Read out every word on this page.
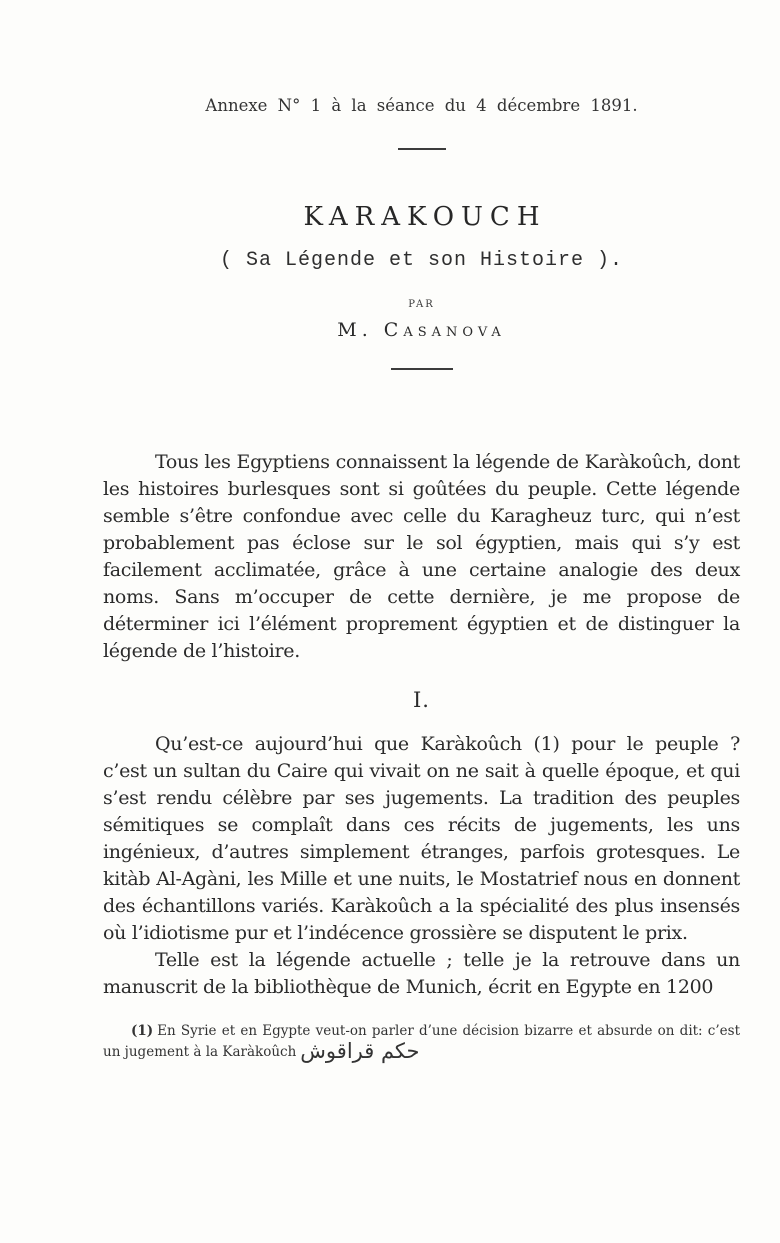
Annexe N° 1 à la séance du 4 décembre 1891.
KARAKOUCH
( Sa Légende et son Histoire ).
PAR
M. Casanova

Tous les Egyptiens connaissent la légende de Karàkoûch, dont les histoires burlesques sont si goûtées du peuple. Cette légende semble s’être confondue avec celle du Karagheuz turc, qui n’est probablement pas éclose sur le sol égyptien, mais qui s’y est facilement acclimatée, grâce à une certaine analogie des deux noms. Sans m’occuper de cette dernière, je me propose de déterminer ici l’élément proprement égyptien et de distinguer la légende de l’histoire.

I.

Qu’est-ce aujourd’hui que Karàkoûch (1) pour le peuple ? c’est un sultan du Caire qui vivait on ne sait à quelle époque, et qui s’est rendu célèbre par ses jugements. La tradition des peuples sémitiques se complaît dans ces récits de jugements, les uns ingénieux, d’autres simplement étranges, parfois grotesques. Le kitàb Al-Agàni, les Mille et une nuits, le Mostatrief nous en donnent des échantillons variés. Karàkoûch a la spécialité des plus insensés où l’idiotisme pur et l’indécence grossière se disputent le prix.

Telle est la légende actuelle ; telle je la retrouve dans un manuscrit de la bibliothèque de Munich, écrit en Egypte en 1200

(1) En Syrie et en Egypte veut-on parler d’une décision bizarre et absurde on dit: c’est un jugement à la Karàkoûch حكم قراقوش
